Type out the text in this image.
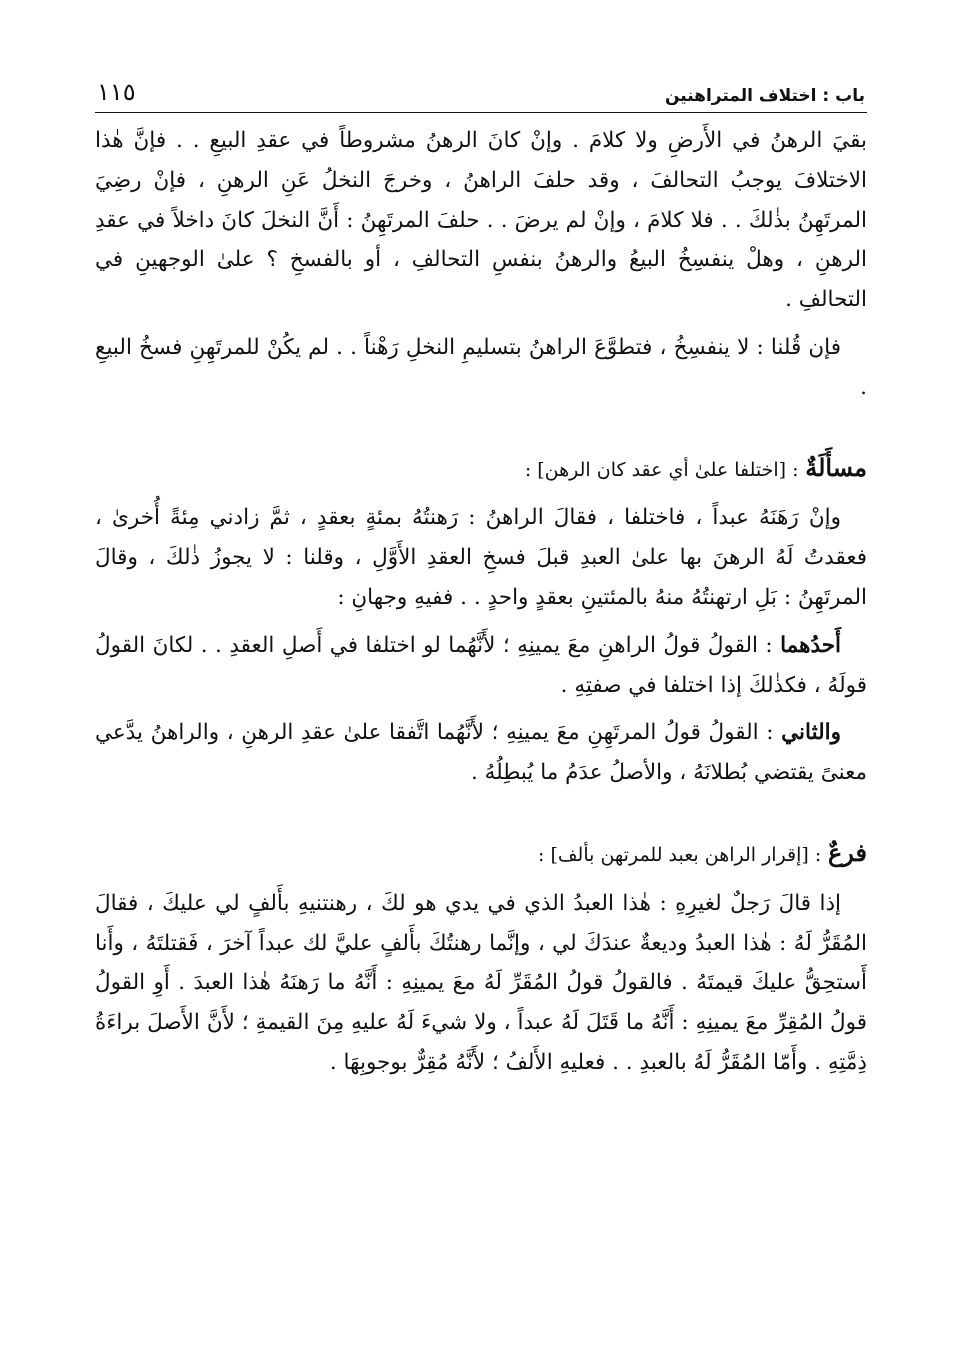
باب : اختلاف المتراهنين
١١٥

بقيَ الرهنُ في الأَرضِ ولا كلامَ . وإنْ كانَ الرهنُ مشروطاً في عقدِ البيعِ . . فإنَّ هٰذا الاختلافَ يوجبُ التحالفَ ، وقد حلفَ الراهنُ ، وخرجَ النخلُ عَنِ الرهنِ ، فإنْ رضِيَ المرتَهِنُ بذٰلكَ . . فلا كلامَ ، وإنْ لم يرضَ . . حلفَ المرتَهِنُ : أَنَّ النخلَ كانَ داخلاً في عقدِ الرهنِ ، وهلْ ينفسِخُ البيعُ والرهنُ بنفسِ التحالفِ ، أو بالفسخِ ؟ علىٰ الوجهينِ في التحالفِ .

فإن قُلنا : لا ينفسِخُ ، فتطوَّعَ الراهنُ بتسليمِ النخلِ رَهْناً . . لم يكُنْ للمرتَهِنِ فسخُ البيعِ .

مسأَلَةٌ : [اختلفا علىٰ أي عقد كان الرهن] :

وإنْ رَهَنَهُ عبداً ، فاختلفا ، فقالَ الراهنُ : رَهنتُهُ بمئةٍ بعقدٍ ، ثمَّ زادني مِئةً أُخرىٰ ، فعقدتُ لَهُ الرهنَ بها علىٰ العبدِ قبلَ فسخِ العقدِ الأَوَّلِ ، وقلنا : لا يجوزُ ذٰلكَ ، وقالَ المرتَهِنُ : بَلِ ارتهنتُهُ منهُ بالمئتينِ بعقدٍ واحدٍ . . ففيهِ وجهانِ :

أَحدُهما : القولُ قولُ الراهنِ معَ يمينِهِ ؛ لأَنَّهُما لو اختلفا في أَصلِ العقدِ . . لكانَ القولُ قولَهُ ، فكذٰلكَ إذا اختلفا في صفتِهِ .

والثاني : القولُ قولُ المرتَهِنِ معَ يمينِهِ ؛ لأَنَّهُما اتَّفقا علىٰ عقدِ الرهنِ ، والراهنُ يدَّعي معنىً يقتضي بُطلانَهُ ، والأصلُ عدَمُ ما يُبطِلُهُ .

فرعٌ : [إقرار الراهن بعبد للمرتهن بألف] :

إذا قالَ رَجلٌ لغيرِهِ : هٰذا العبدُ الذي في يدي هو لكَ ، رهنتنيهِ بأَلفٍ لي عليكَ ، فقالَ المُقَرُّ لَهُ : هٰذا العبدُ وديعةٌ عندَكَ لي ، وإنَّما رهنتُكَ بأَلفٍ عليَّ لك عبداً آخرَ ، فَقتلتَهُ ، وأَنا أَستحِقُّ عليكَ قيمتَهُ . فالقولُ قولُ المُقَرِّ لَهُ معَ يمينِهِ : أَنَّهُ ما رَهنَهُ هٰذا العبدَ . أَوِ القولُ قولُ المُقِرِّ معَ يمينِهِ : أَنَّهُ ما قَتَلَ لَهُ عبداً ، ولا شيءَ لَهُ عليهِ مِنَ القيمةِ ؛ لأَنَّ الأَصلَ براءَةُ ذِمَّتِهِ . وأَمّا المُقَرُّ لَهُ بالعبدِ . . فعليهِ الأَلفُ ؛ لأَنَّهُ مُقِرٌّ بوجوبِهَا .
